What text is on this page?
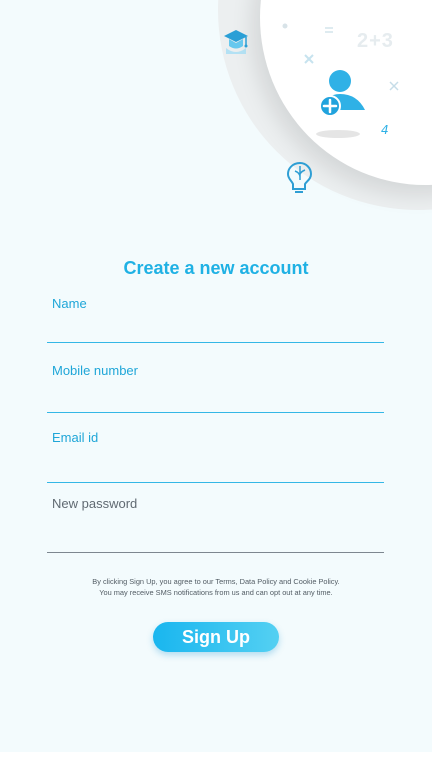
2+3
4
Create a new account
Name
Mobile number
Email id
New password
By clicking Sign Up, you agree to our Terms, Data Policy and Cookie Policy.
You may receive SMS notifications from us and can opt out at any time.
Sign Up
